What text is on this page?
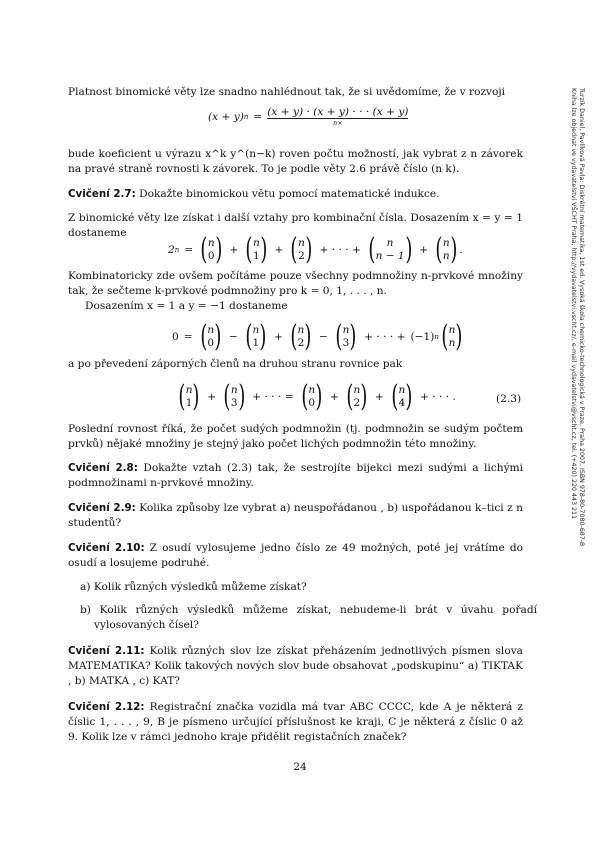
Platnost binomické věty lze snadno nahlédnout tak, že si uvědomíme, že v rozvoji
(x + y) n = (x + y) · (x + y) · · · (x + y)
n×
bude koeficient u výrazu x^k y^(n−k) roven počtu možností, jak vybrat z n závorek na pravé straně rovnosti k závorek. To je podle věty 2.6 právě číslo (n k).
Cvičení 2.7: Dokažte binomickou větu pomocí matematické indukce.
Z binomické věty lze získat i další vztahy pro kombinační čísla. Dosazením x = y = 1 dostaneme
2 n = ( n
0 ) + ( n
1 ) + ( n
2 ) + · · · + ( n
n − 1 ) + ( n
n ) .
Kombinatoricky zde ovšem počítáme pouze všechny podmnožiny n-prvkové množiny tak, že sečteme k-prvkové podmnožiny pro k = 0, 1, . . . , n.
Dosazením x = 1 a y = −1 dostaneme
0 = ( n
0 ) − ( n
1 ) + ( n
2 ) − ( n
3 ) + · · · + (−1) n ( n
n )
a po převedení záporných členů na druhou stranu rovnice pak
( n
1 ) + ( n
3 ) + · · · = ( n
0 ) + ( n
2 ) + ( n
4 ) + · · · .	(2.3)
Poslední rovnost říká, že počet sudých podmnožin (tj. podmnožin se sudým počtem prvků) nějaké množiny je stejný jako počet lichých podmnožin této množiny.
Cvičení 2.8: Dokažte vztah (2.3) tak, že sestrojíte bijekci mezi sudými a lichými podmnožinami n-prvkové množiny.
Cvičení 2.9: Kolika způsoby lze vybrat a) neuspořádanou , b) uspořádanou k–tici z n studentů?
Cvičení 2.10: Z osudí vylosujeme jedno číslo ze 49 možných, poté jej vrátíme do osudí a losujeme podruhé.
a) Kolik různých výsledků můžeme získat?
b) Kolik různých výsledků můžeme získat, nebudeme-li brát v úvahu pořadí vylosovaných čísel?
Cvičení 2.11: Kolik různých slov lze získat přeházením jednotlivých písmen slova MATEMATIKA? Kolik takových nových slov bude obsahovat „podskupinu“ a) TIKTAK , b) MATKA , c) KAT?
Cvičení 2.12: Registrační značka vozidla má tvar ABC CCCC, kde A je některá z číslic 1, . . . , 9, B je písmeno určující příslušnost ke kraji, C je některá z číslic 0 až 9. Kolik lze v rámci jednoho kraje přidělit registačních značek?
24
Turzík Daniel, Pavlíková Pavla: Diskrétní matematika, 1st ed. Vysoká škola chemicko-technologická v Praze, Praha 2007. ISBN 978-80-7080-687-8
Kniha lze objednat ve vydavatelství VŠCHT Praha, http://vydavatelstvi.vscht.cz/, e-mail vydavatelstvi@vscht.cz, tel. (+420) 220 443 211
